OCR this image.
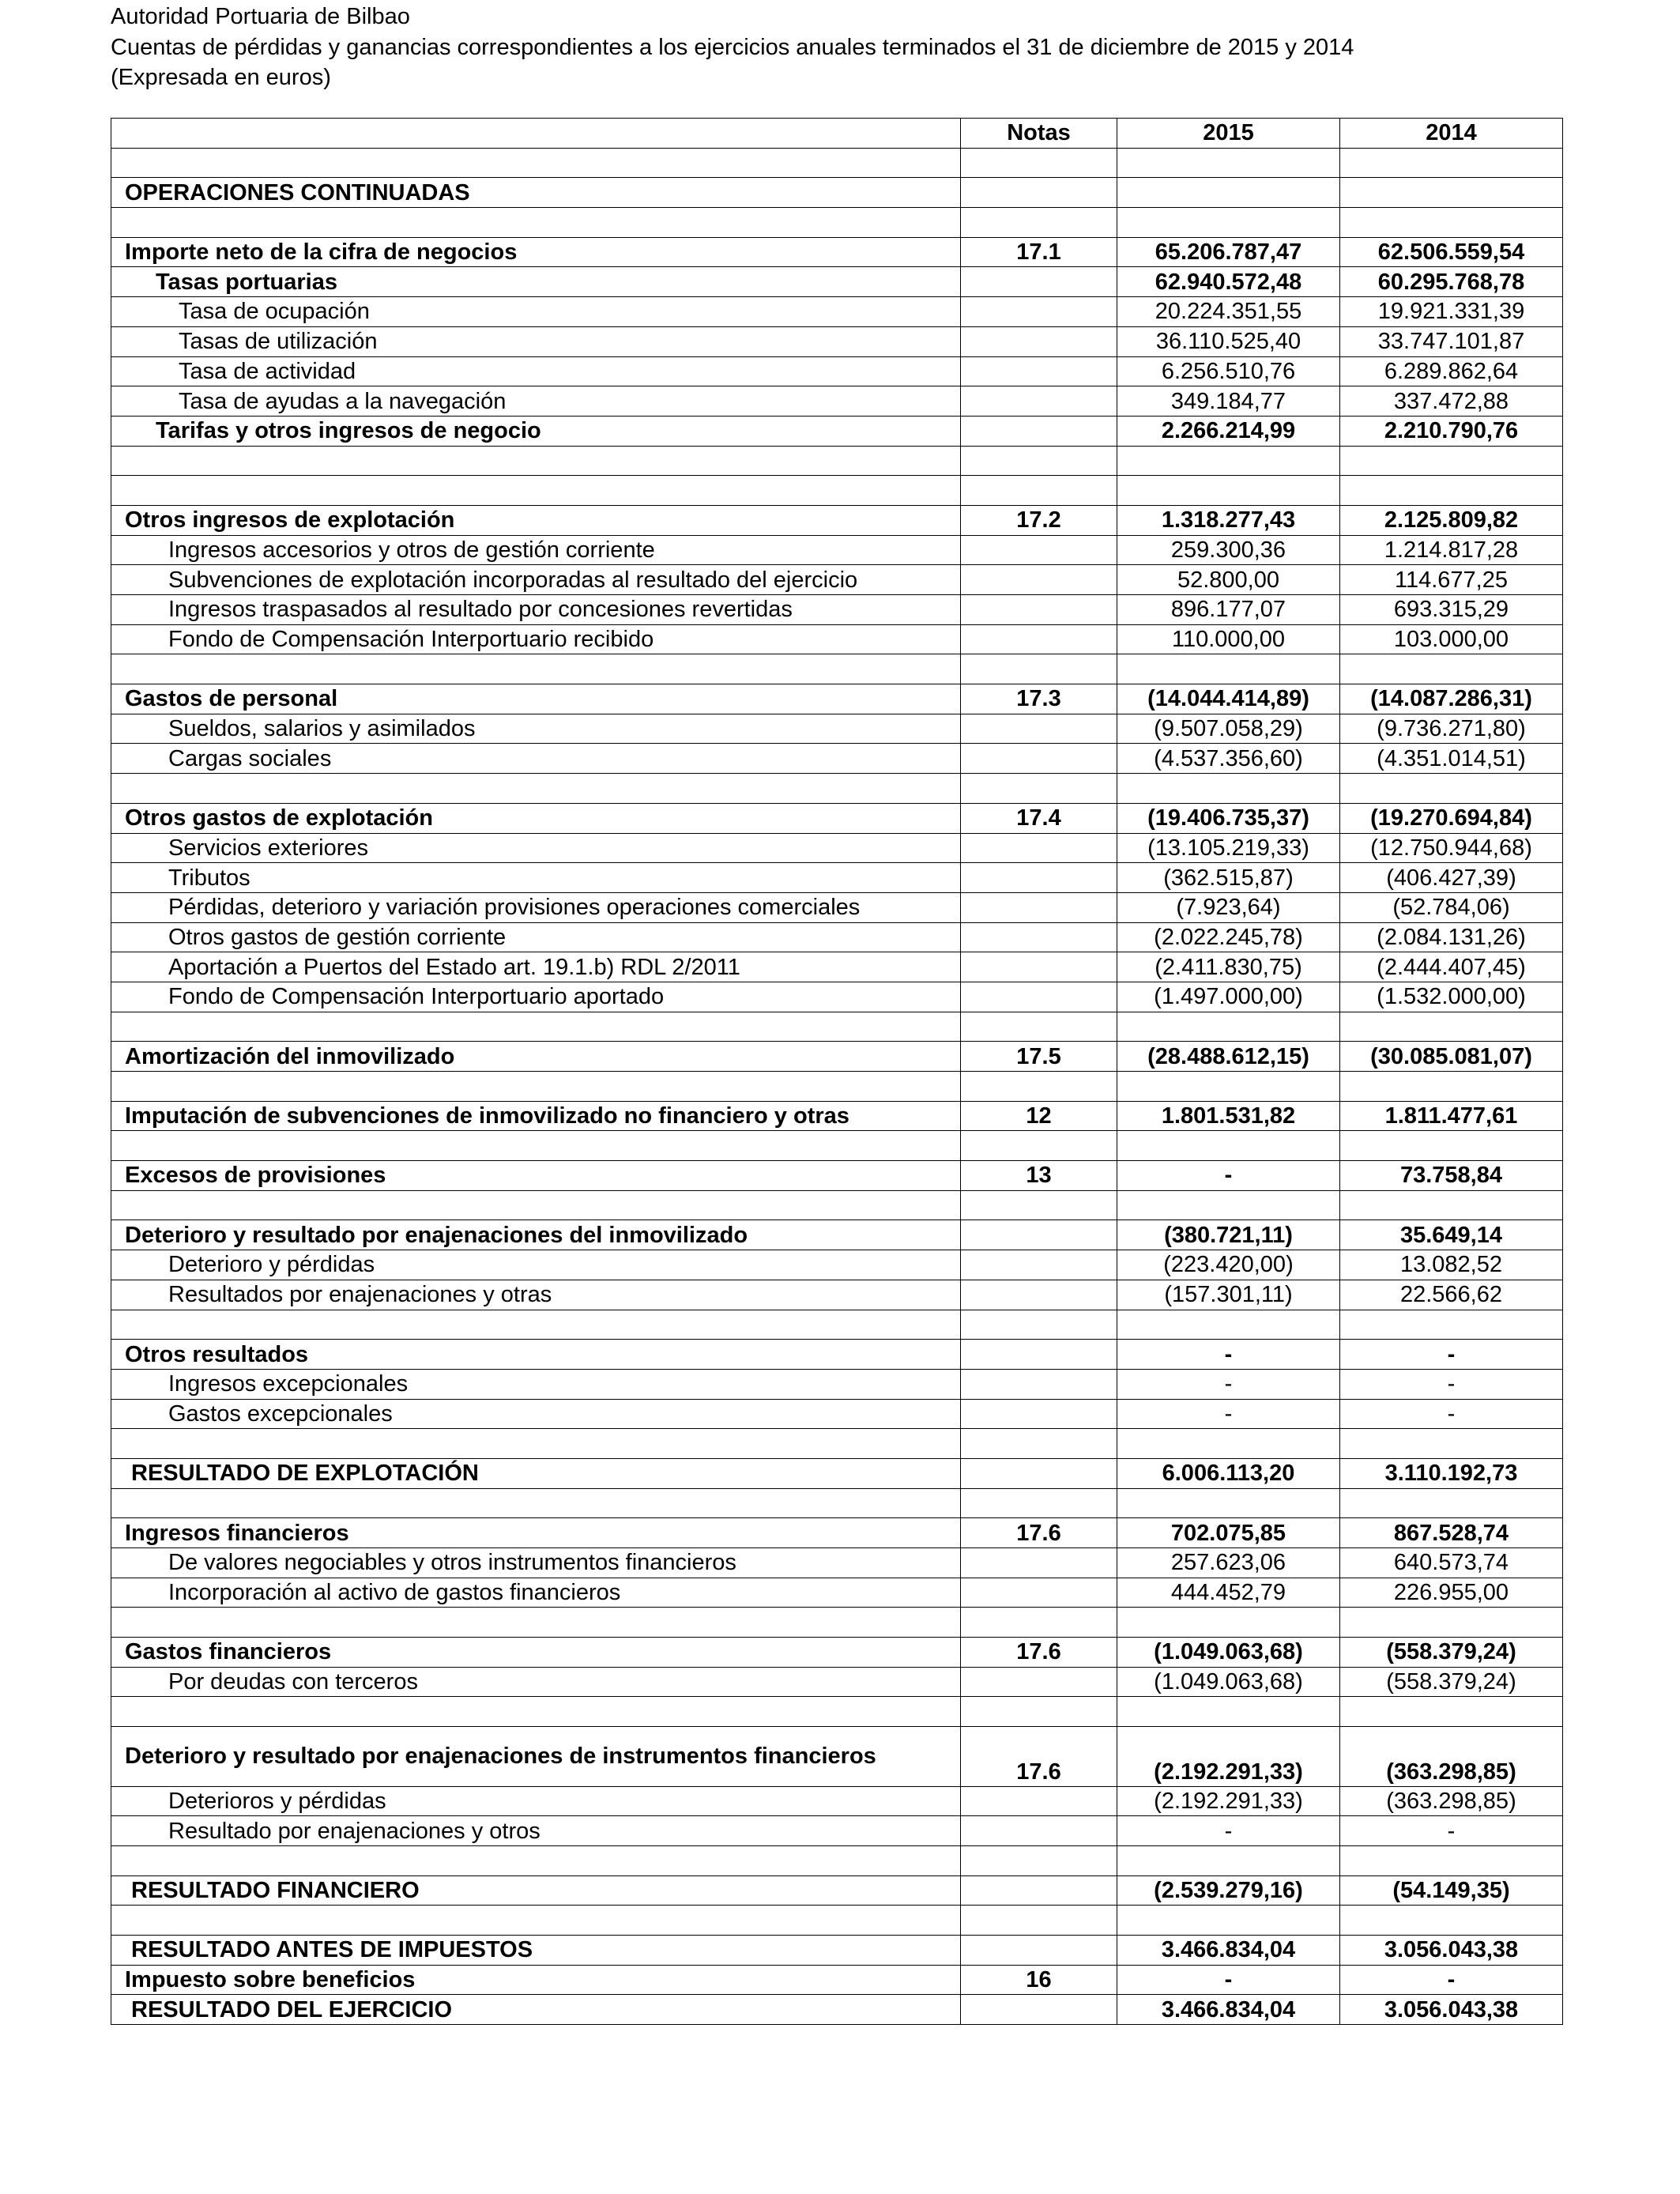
Autoridad Portuaria de Bilbao
Cuentas de pérdidas y ganancias correspondientes a los ejercicios anuales terminados el 31 de diciembre de 2015 y 2014
(Expresada en euros)
	Notas	2015	2014

OPERACIONES CONTINUADAS			

Importe neto de la cifra de negocios	17.1	65.206.787,47	62.506.559,54
Tasas portuarias		62.940.572,48	60.295.768,78
Tasa de ocupación		20.224.351,55	19.921.331,39
Tasas de utilización		36.110.525,40	33.747.101,87
Tasa de actividad		6.256.510,76	6.289.862,64
Tasa de ayudas a la navegación		349.184,77	337.472,88
Tarifas y otros ingresos de negocio		2.266.214,99	2.210.790,76

Otros ingresos de explotación	17.2	1.318.277,43	2.125.809,82
Ingresos accesorios y otros de gestión corriente		259.300,36	1.214.817,28
Subvenciones de explotación incorporadas al resultado del ejercicio		52.800,00	114.677,25
Ingresos traspasados al resultado por concesiones revertidas		896.177,07	693.315,29
Fondo de Compensación Interportuario recibido		110.000,00	103.000,00

Gastos de personal	17.3	(14.044.414,89)	(14.087.286,31)
Sueldos, salarios y asimilados		(9.507.058,29)	(9.736.271,80)
Cargas sociales		(4.537.356,60)	(4.351.014,51)

Otros gastos de explotación	17.4	(19.406.735,37)	(19.270.694,84)
Servicios exteriores		(13.105.219,33)	(12.750.944,68)
Tributos		(362.515,87)	(406.427,39)
Pérdidas, deterioro y variación provisiones operaciones comerciales		(7.923,64)	(52.784,06)
Otros gastos de gestión corriente		(2.022.245,78)	(2.084.131,26)
Aportación a Puertos del Estado art. 19.1.b) RDL 2/2011		(2.411.830,75)	(2.444.407,45)
Fondo de Compensación Interportuario aportado		(1.497.000,00)	(1.532.000,00)

Amortización del inmovilizado	17.5	(28.488.612,15)	(30.085.081,07)

Imputación de subvenciones de inmovilizado no financiero y otras	12	1.801.531,82	1.811.477,61

Excesos de provisiones	13	-	73.758,84

Deterioro y resultado por enajenaciones del inmovilizado		(380.721,11)	35.649,14
Deterioro y pérdidas		(223.420,00)	13.082,52
Resultados por enajenaciones y otras		(157.301,11)	22.566,62

Otros resultados		-	-
Ingresos excepcionales		-	-
Gastos excepcionales		-	-

RESULTADO DE EXPLOTACIÓN		6.006.113,20	3.110.192,73

Ingresos financieros	17.6	702.075,85	867.528,74
De valores negociables y otros instrumentos financieros		257.623,06	640.573,74
Incorporación al activo de gastos financieros		444.452,79	226.955,00

Gastos financieros	17.6	(1.049.063,68)	(558.379,24)
Por deudas con terceros		(1.049.063,68)	(558.379,24)

Deterioro y resultado por enajenaciones de instrumentos financieros	17.6	(2.192.291,33)	(363.298,85)
Deterioros y pérdidas		(2.192.291,33)	(363.298,85)
Resultado por enajenaciones y otros		-	-

RESULTADO FINANCIERO		(2.539.279,16)	(54.149,35)

RESULTADO ANTES DE IMPUESTOS		3.466.834,04	3.056.043,38
Impuesto sobre beneficios	16	-	-
RESULTADO DEL EJERCICIO		3.466.834,04	3.056.043,38
